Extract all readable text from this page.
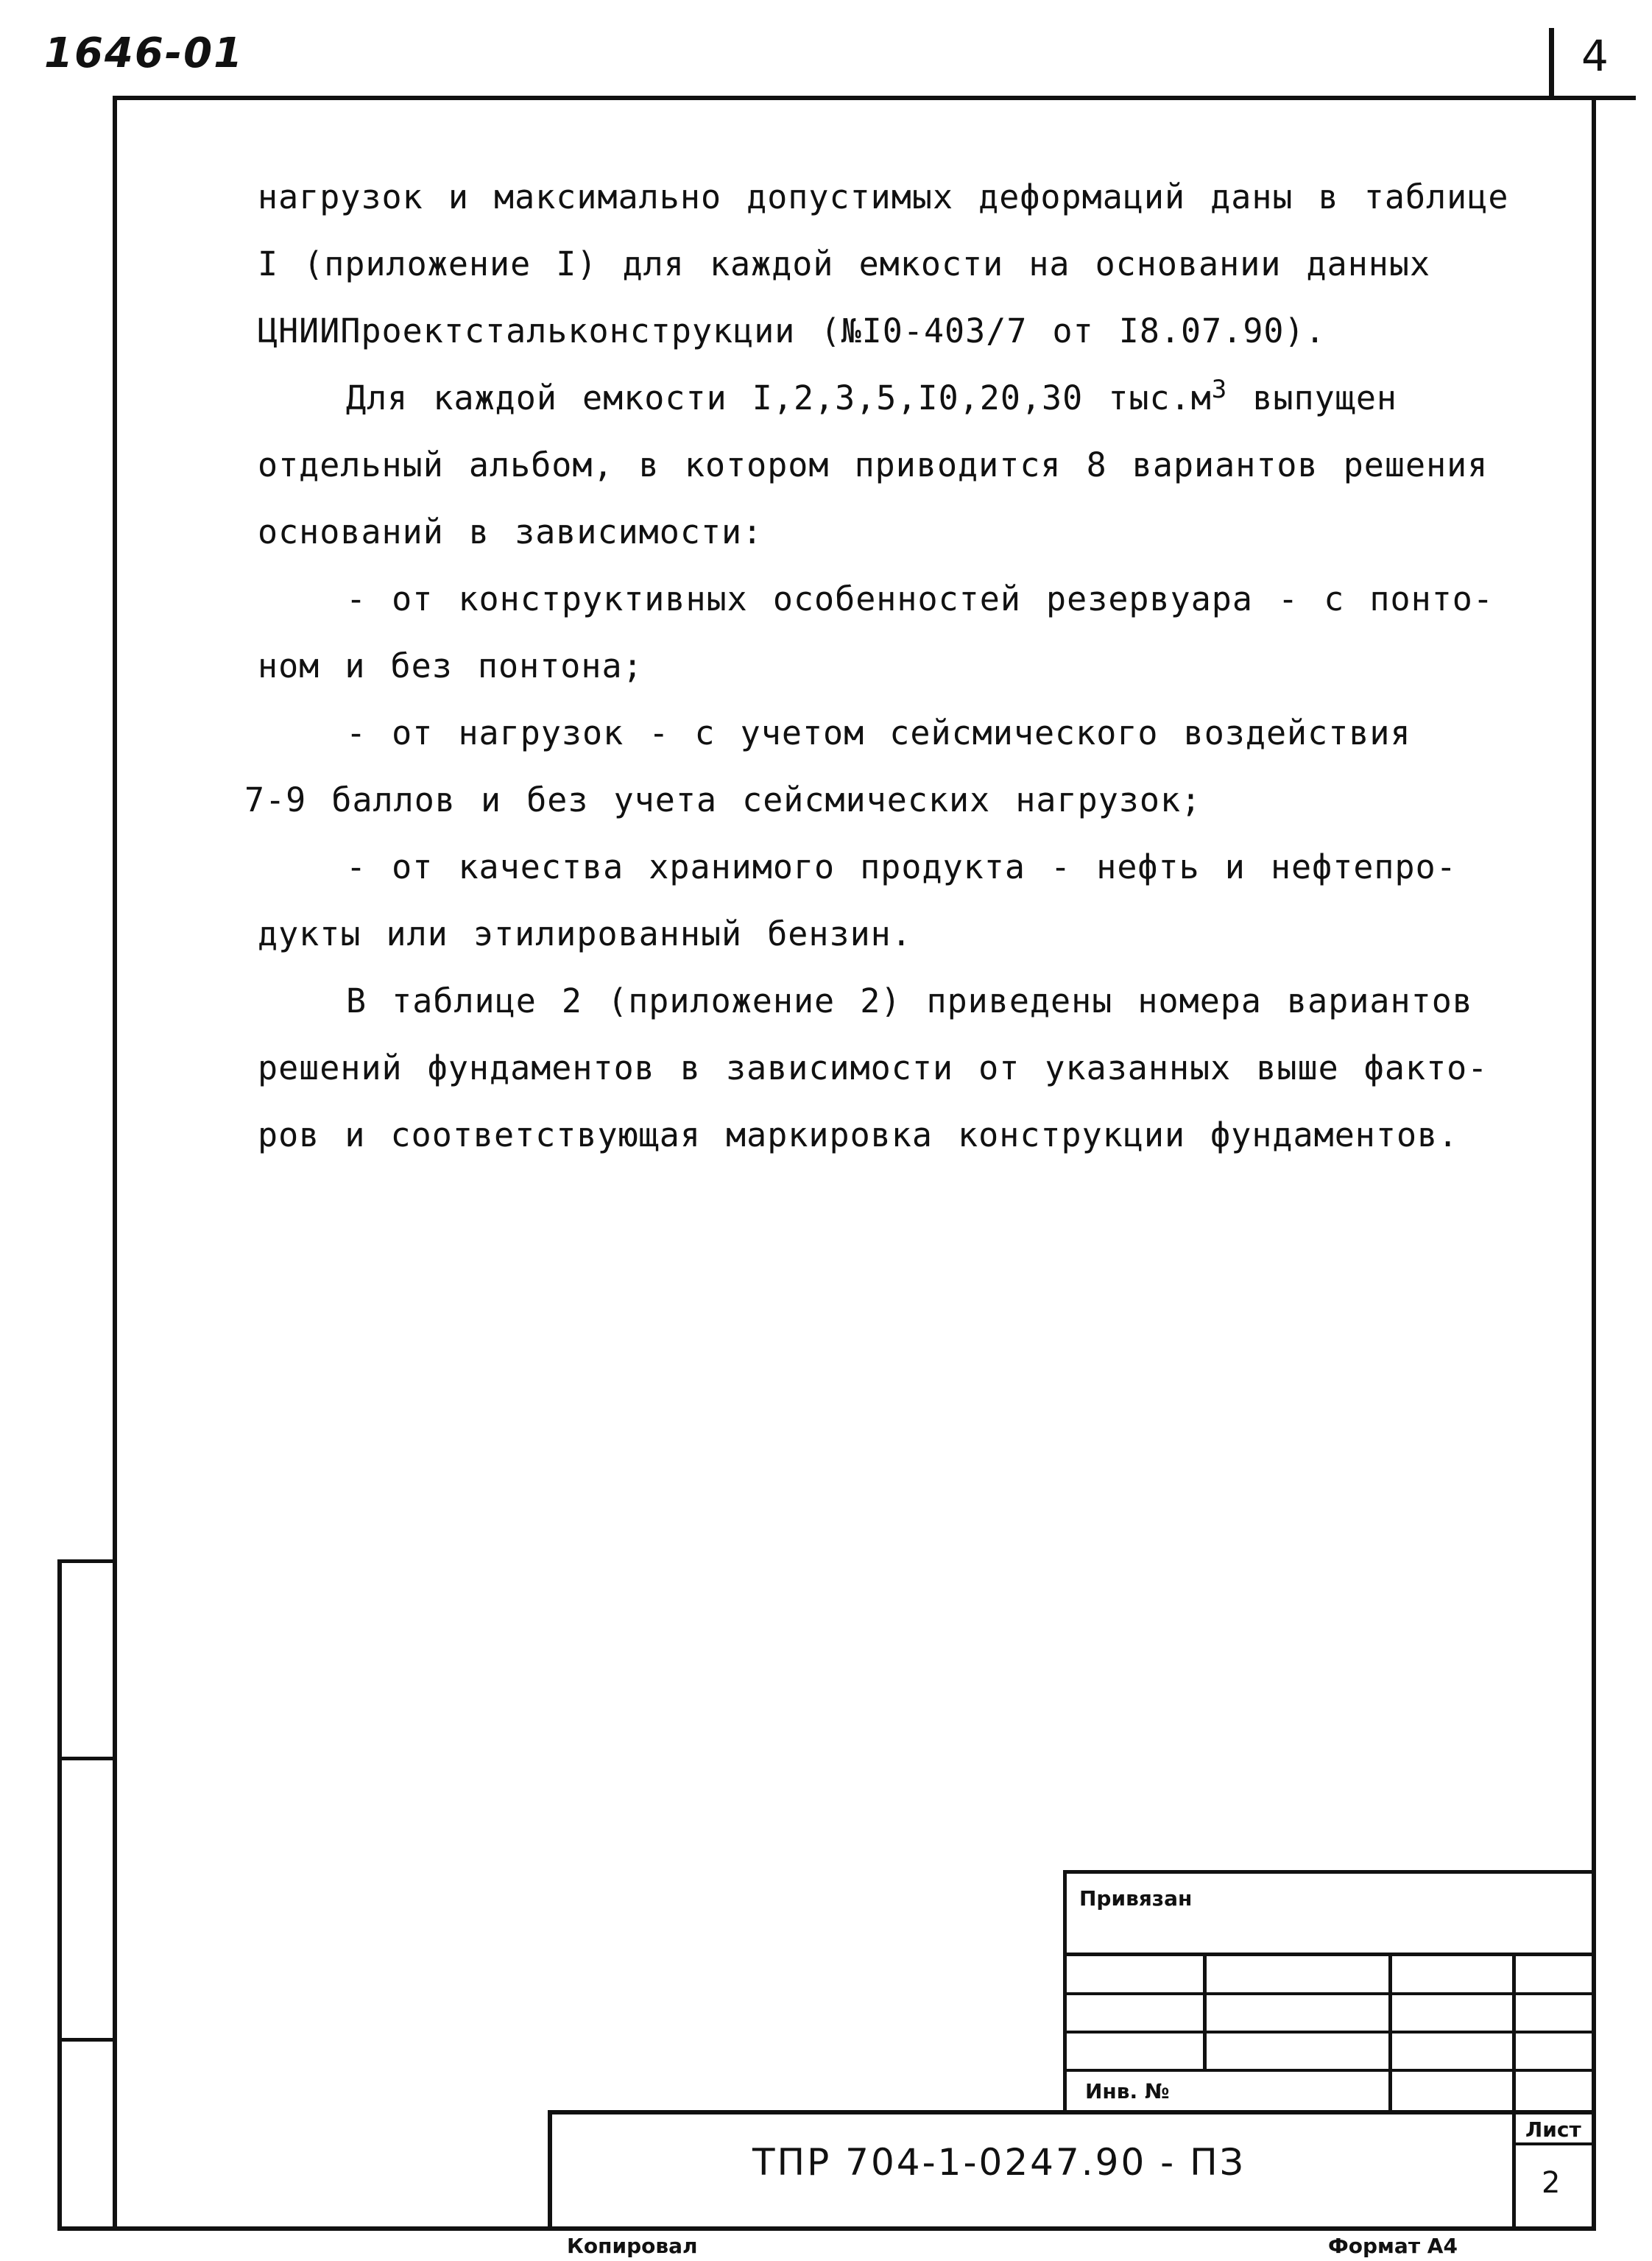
1646-01	4

нагрузок и максимально допустимых деформаций даны в таблице

I (приложение I) для каждой емкости на основании данных

ЦНИИПроектстальконструкции (№I0-403/7 от I8.07.90).

Для каждой емкости I,2,3,5,I0,20,30 $тыс.м^3$ выпущен

отдельный альбом, в котором приводится 8 вариантов решения

оснований в зависимости:

- от конструктивных особенностей резервуара - с понто-

ном и без понтона;

- от нагрузок - с учетом сейсмического воздействия

7-9 баллов и без учета сейсмических нагрузок;

- от качества хранимого продукта - нефть и нефтепро-

дукты или этилированный бензин.

В таблице 2 (приложение 2) приведены номера вариантов

решений фундаментов в зависимости от указанных выше факто-

ров и соответствующая маркировка конструкции фундаментов.

Привязан
Инв. №
ТПР 704-1-0247.90 - ПЗ
Лист
2
Копировал	Формат А4
